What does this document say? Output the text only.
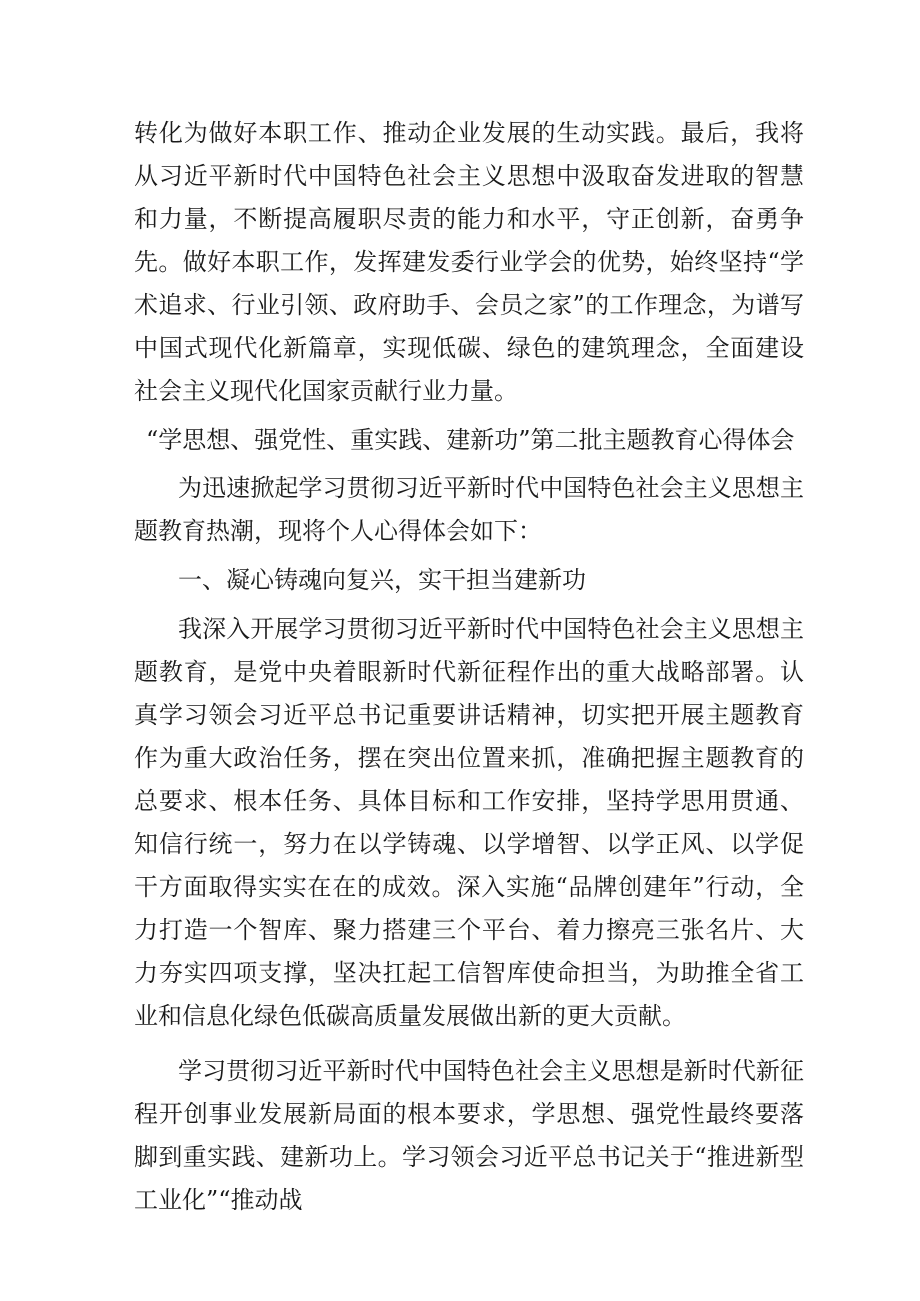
转化为做好本职工作、推动企业发展的生动实践。最后，我将从习近平新时代中国特色社会主义思想中汲取奋发进取的智慧和力量，不断提高履职尽责的能力和水平，守正创新，奋勇争先。做好本职工作，发挥建发委行业学会的优势，始终坚持“学术追求、行业引领、政府助手、会员之家”的工作理念，为谱写中国式现代化新篇章，实现低碳、绿色的建筑理念，全面建设社会主义现代化国家贡献行业力量。

“学思想、强党性、重实践、建新功”第二批主题教育心得体会

为迅速掀起学习贯彻习近平新时代中国特色社会主义思想主题教育热潮，现将个人心得体会如下：

一、凝心铸魂向复兴，实干担当建新功

我深入开展学习贯彻习近平新时代中国特色社会主义思想主题教育，是党中央着眼新时代新征程作出的重大战略部署。认真学习领会习近平总书记重要讲话精神，切实把开展主题教育作为重大政治任务，摆在突出位置来抓，准确把握主题教育的总要求、根本任务、具体目标和工作安排，坚持学思用贯通、知信行统一，努力在以学铸魂、以学增智、以学正风、以学促干方面取得实实在在的成效。深入实施“品牌创建年”行动，全力打造一个智库、聚力搭建三个平台、着力擦亮三张名片、大力夯实四项支撑，坚决扛起工信智库使命担当，为助推全省工业和信息化绿色低碳高质量发展做出新的更大贡献。

学习贯彻习近平新时代中国特色社会主义思想是新时代新征程开创事业发展新局面的根本要求，学思想、强党性最终要落脚到重实践、建新功上。学习领会习近平总书记关于“推进新型工业化”“推动战
